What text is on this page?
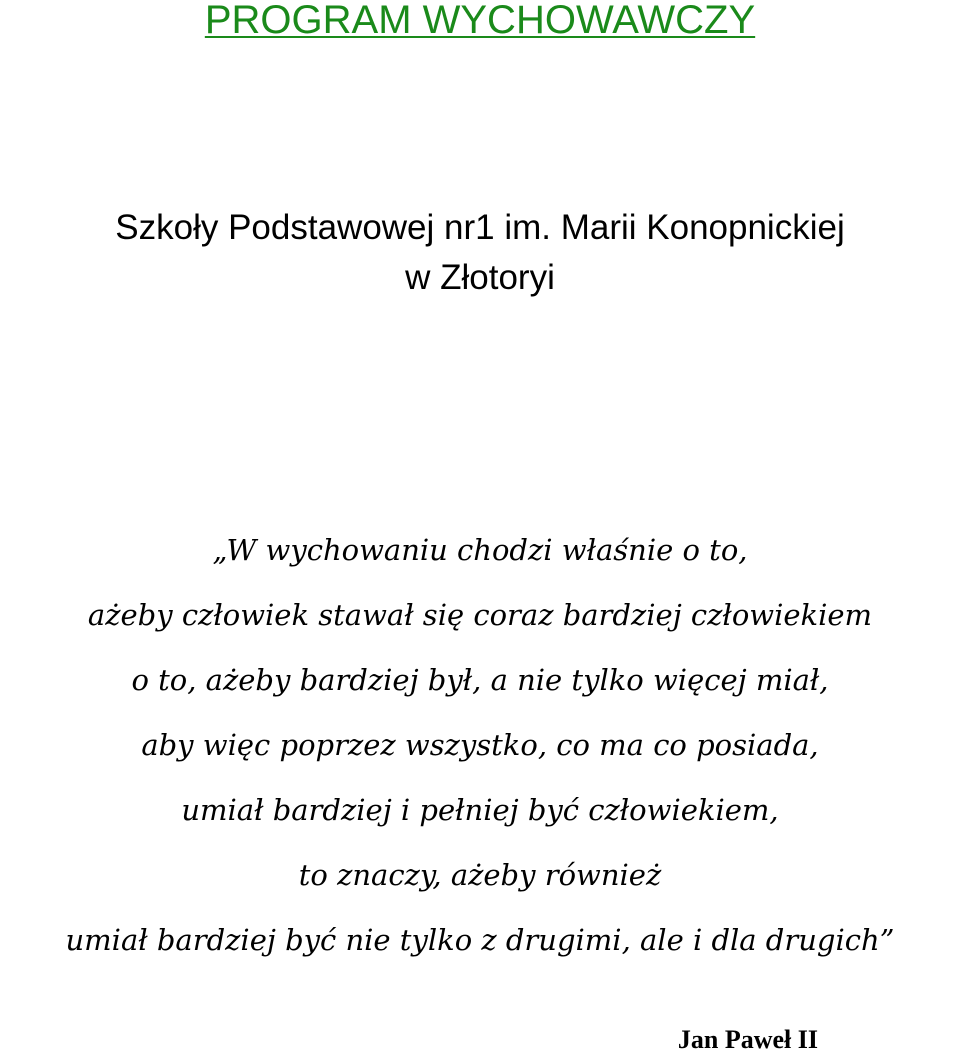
PROGRAM WYCHOWAWCZY
Szkoły Podstawowej nr1 im. Marii Konopnickiej
w Złotoryi
„W wychowaniu chodzi właśnie o to,
ażeby człowiek stawał się coraz bardziej człowiekiem
o to, ażeby bardziej był, a nie tylko więcej miał,
aby więc poprzez wszystko, co ma co posiada,
umiał bardziej i pełniej być człowiekiem,
to znaczy, ażeby również
umiał bardziej być nie tylko z drugimi, ale i dla drugich”
Jan Paweł II
